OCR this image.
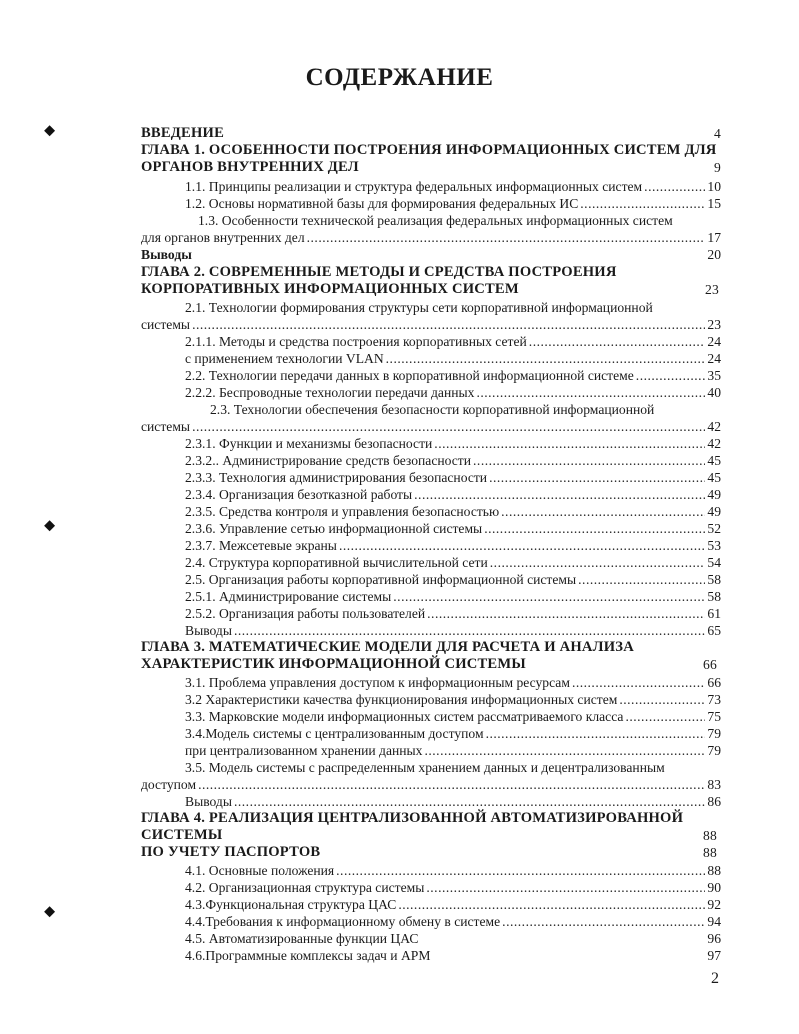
СОДЕРЖАНИЕ
⬥
⬥
⬥
ВВЕДЕНИЕ	4
ГЛАВА 1. ОСОБЕННОСТИ ПОСТРОЕНИЯ ИНФОРМАЦИОННЫХ СИСТЕМ ДЛЯ
ОРГАНОВ ВНУТРЕННИХ ДЕЛ	9
1.1. Принципы реализации и структура федеральных информационных систем .....	10
1.2. Основы нормативной базы для формирования федеральных ИС .....	15
1.3. Особенности технической реализация федеральных информационных систем
для органов внутренних дел .....	17
Выводы	20
ГЛАВА 2. СОВРЕМЕННЫЕ МЕТОДЫ И СРЕДСТВА ПОСТРОЕНИЯ
КОРПОРАТИВНЫХ ИНФОРМАЦИОННЫХ СИСТЕМ	23
2.1. Технологии формирования структуры сети корпоративной информационной
системы .....	23
2.1.1. Методы и средства построения корпоративных сетей .....	24
с применением технологии VLAN .....	24
2.2. Технологии передачи данных в корпоративной информационной системе .....	35
2.2.2. Беспроводные технологии передачи данных .....	40
2.3. Технологии обеспечения безопасности корпоративной информационной
системы .....	42
2.3.1. Функции и механизмы безопасности .....	42
2.3.2.. Администрирование средств безопасности .....	45
2.3.3. Технология администрирования безопасности .....	45
2.3.4. Организация безотказной работы .....	49
2.3.5. Средства контроля и управления безопасностью .....	49
2.3.6. Управление сетью информационной системы .....	52
2.3.7. Межсетевые экраны .....	53
2.4. Структура корпоративной вычислительной сети .....	54
2.5. Организация работы корпоративной информационной системы .....	58
2.5.1. Администрирование системы .....	58
2.5.2. Организация работы пользователей .....	61
Выводы .....	65
ГЛАВА 3. МАТЕМАТИЧЕСКИЕ МОДЕЛИ ДЛЯ РАСЧЕТА И АНАЛИЗА
ХАРАКТЕРИСТИК ИНФОРМАЦИОННОЙ СИСТЕМЫ	66
3.1. Проблема управления доступом к информационным ресурсам .....	66
3.2 Характеристики качества функционирования информационных систем .....	73
3.3. Марковские модели информационных систем рассматриваемого класса .....	75
3.4.Модель системы с централизованным доступом .....	79
при централизованном хранении данных .....	79
3.5. Модель системы с распределенным хранением данных и децентрализованным
доступом .....	83
Выводы .....	86
ГЛАВА 4. РЕАЛИЗАЦИЯ ЦЕНТРАЛИЗОВАННОЙ АВТОМАТИЗИРОВАННОЙ
СИСТЕМЫ	88
ПО УЧЕТУ ПАСПОРТОВ	88
4.1. Основные положения .....	88
4.2. Организационная структура системы .....	90
4.3.Функциональная структура ЦАС .....	92
4.4.Требования к информационному обмену в системе .....	94
4.5. Автоматизированные функции ЦАС	96
4.6.Программные комплексы задач и АРМ	97
2
